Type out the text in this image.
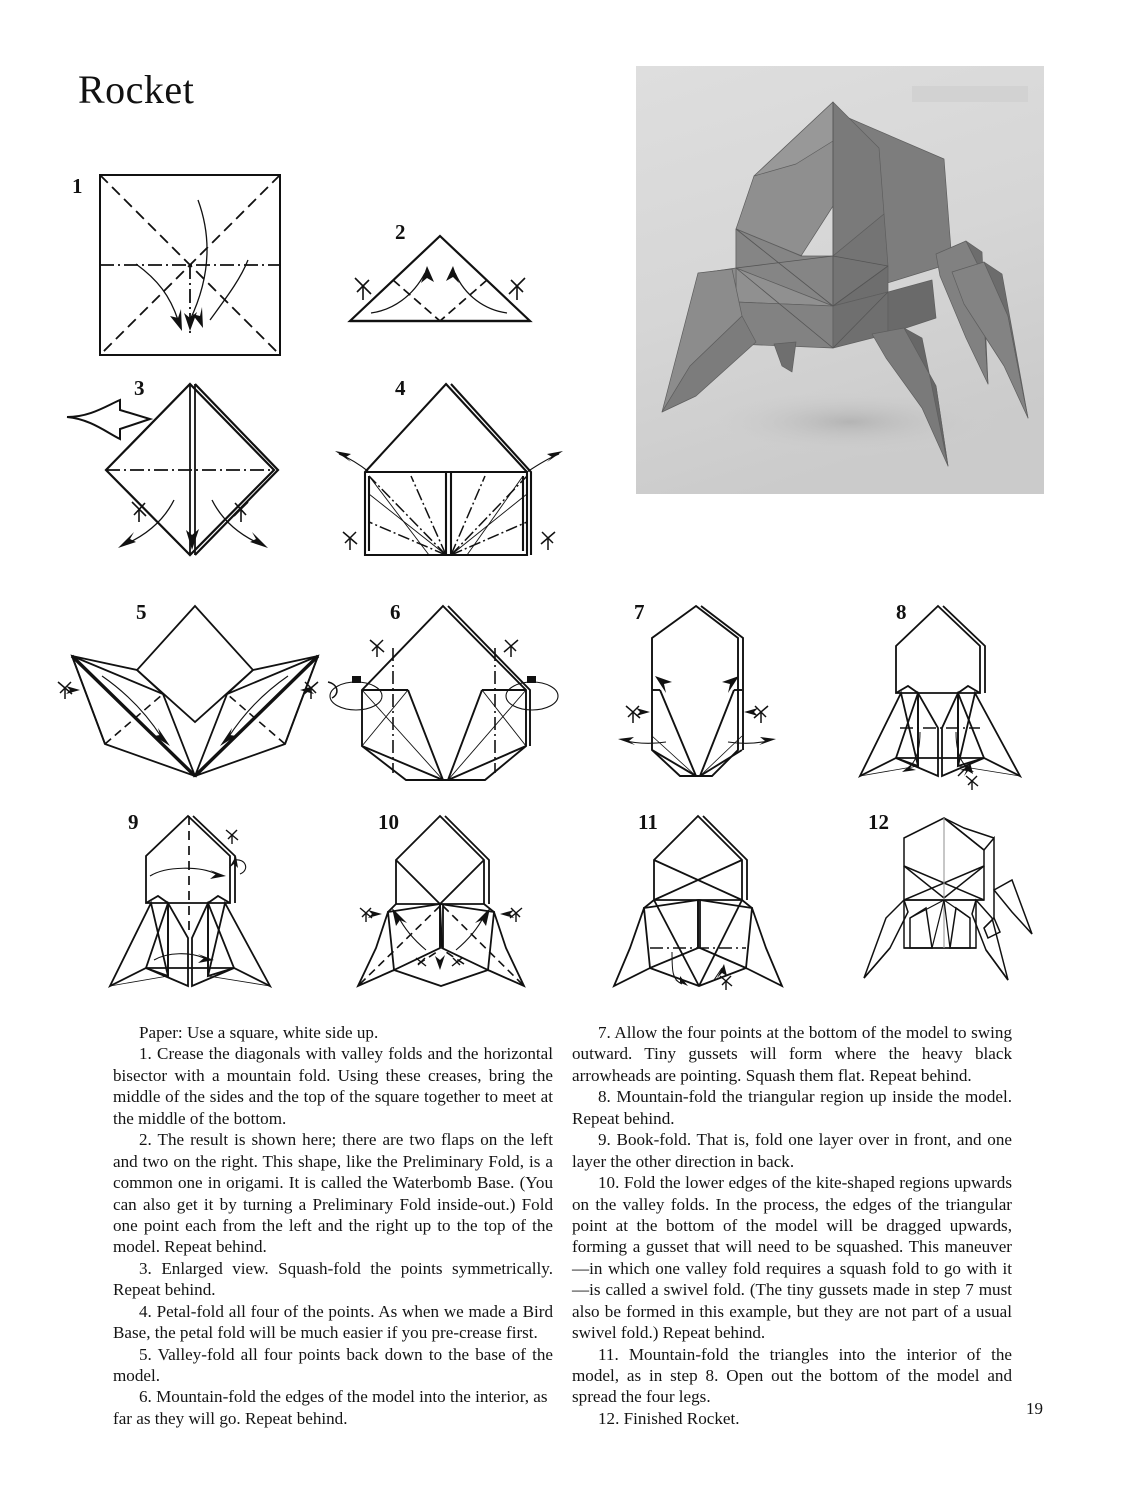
Rocket
1
2
3	4
5	6	7	8
9	10	11	12

Paper: Use a square, white side up.

1. Crease the diagonals with valley folds and the horizontal bisector with a mountain fold. Using these creases, bring the middle of the sides and the top of the square together to meet at the middle of the bottom.

2. The result is shown here; there are two flaps on the left and two on the right. This shape, like the Preliminary Fold, is a common one in origami. It is called the Waterbomb Base. (You can also get it by turning a Preliminary Fold inside-out.) Fold one point each from the left and the right up to the top of the model. Repeat behind.

3. Enlarged view. Squash-fold the points symmetrically. Repeat behind.

4. Petal-fold all four of the points. As when we made a Bird Base, the petal fold will be much easier if you pre-crease first.

5. Valley-fold all four points back down to the base of the model.

6. Mountain-fold the edges of the model into the interior, as far as they will go. Repeat behind.

7. Allow the four points at the bottom of the model to swing outward. Tiny gussets will form where the heavy black arrowheads are pointing. Squash them flat. Repeat behind.

8. Mountain-fold the triangular region up inside the model. Repeat behind.

9. Book-fold. That is, fold one layer over in front, and one layer the other direction in back.

10. Fold the lower edges of the kite-shaped regions upwards on the valley folds. In the process, the edges of the triangular point at the bottom of the model will be dragged upwards, forming a gusset that will need to be squashed. This maneuver—in which one valley fold requires a squash fold to go with it—is called a swivel fold. (The tiny gussets made in step 7 must also be formed in this example, but they are not part of a usual swivel fold.) Repeat behind.

11. Mountain-fold the triangles into the interior of the model, as in step 8. Open out the bottom of the model and spread the four legs.

12. Finished Rocket.

19
